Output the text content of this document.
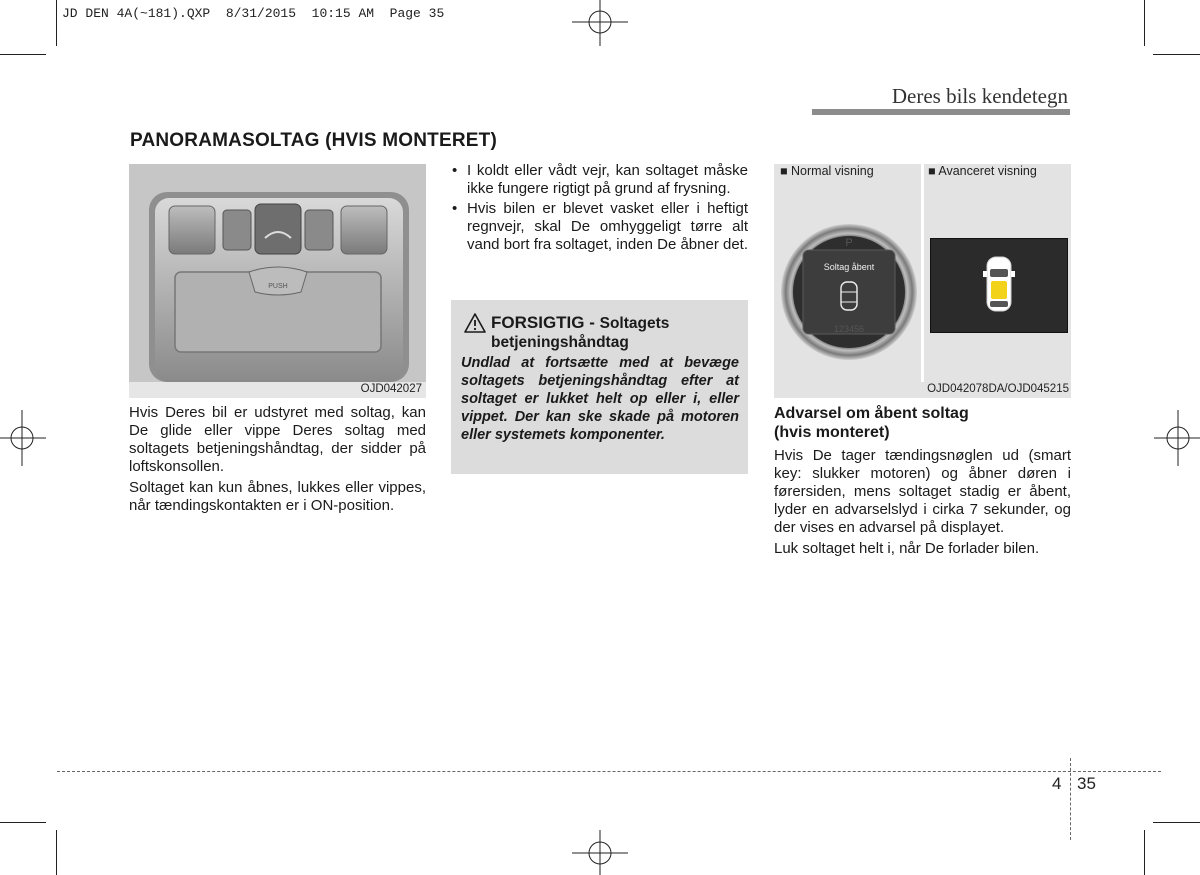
JD DEN 4A(~181).QXP  8/31/2015  10:15 AM  Page 35
Deres bils kendetegn
PANORAMASOLTAG (HVIS MONTERET)
PUSH
OJD042027

Hvis Deres bil er udstyret med soltag, kan De glide eller vippe Deres soltag med soltagets betjeningshåndtag, der sidder på loftskonsollen.

Soltaget kan kun åbnes, lukkes eller vippes, når tændingskontakten er i ON-position.

• I koldt eller vådt vejr, kan soltaget måske ikke fungere rigtigt på grund af frysning.
• Hvis bilen er blevet vasket eller i heftigt regnvejr, skal De omhyggeligt tørre alt vand bort fra soltaget, inden De åbner det.
FORSIGTIG - Soltagets
betjeningshåndtag
Undlad at fortsætte med at bevæge soltagets betjeningshåndtag efter at soltaget er lukket helt op eller i, eller vippet. Der kan ske skade på motoren eller systemets komponenter.
■ Normal visning	■ Avanceret visning
P
Soltag åbent
123456
OJD042078DA/OJD045215
Advarsel om åbent soltag
(hvis monteret)

Hvis De tager tændingsnøglen ud (smart key: slukker motoren) og åbner døren i førersiden, mens soltaget stadig er åbent, lyder en advarselslyd i cirka 7 sekunder, og der vises en advarsel på displayet.

Luk soltaget helt i, når De forlader bilen.

4 35
